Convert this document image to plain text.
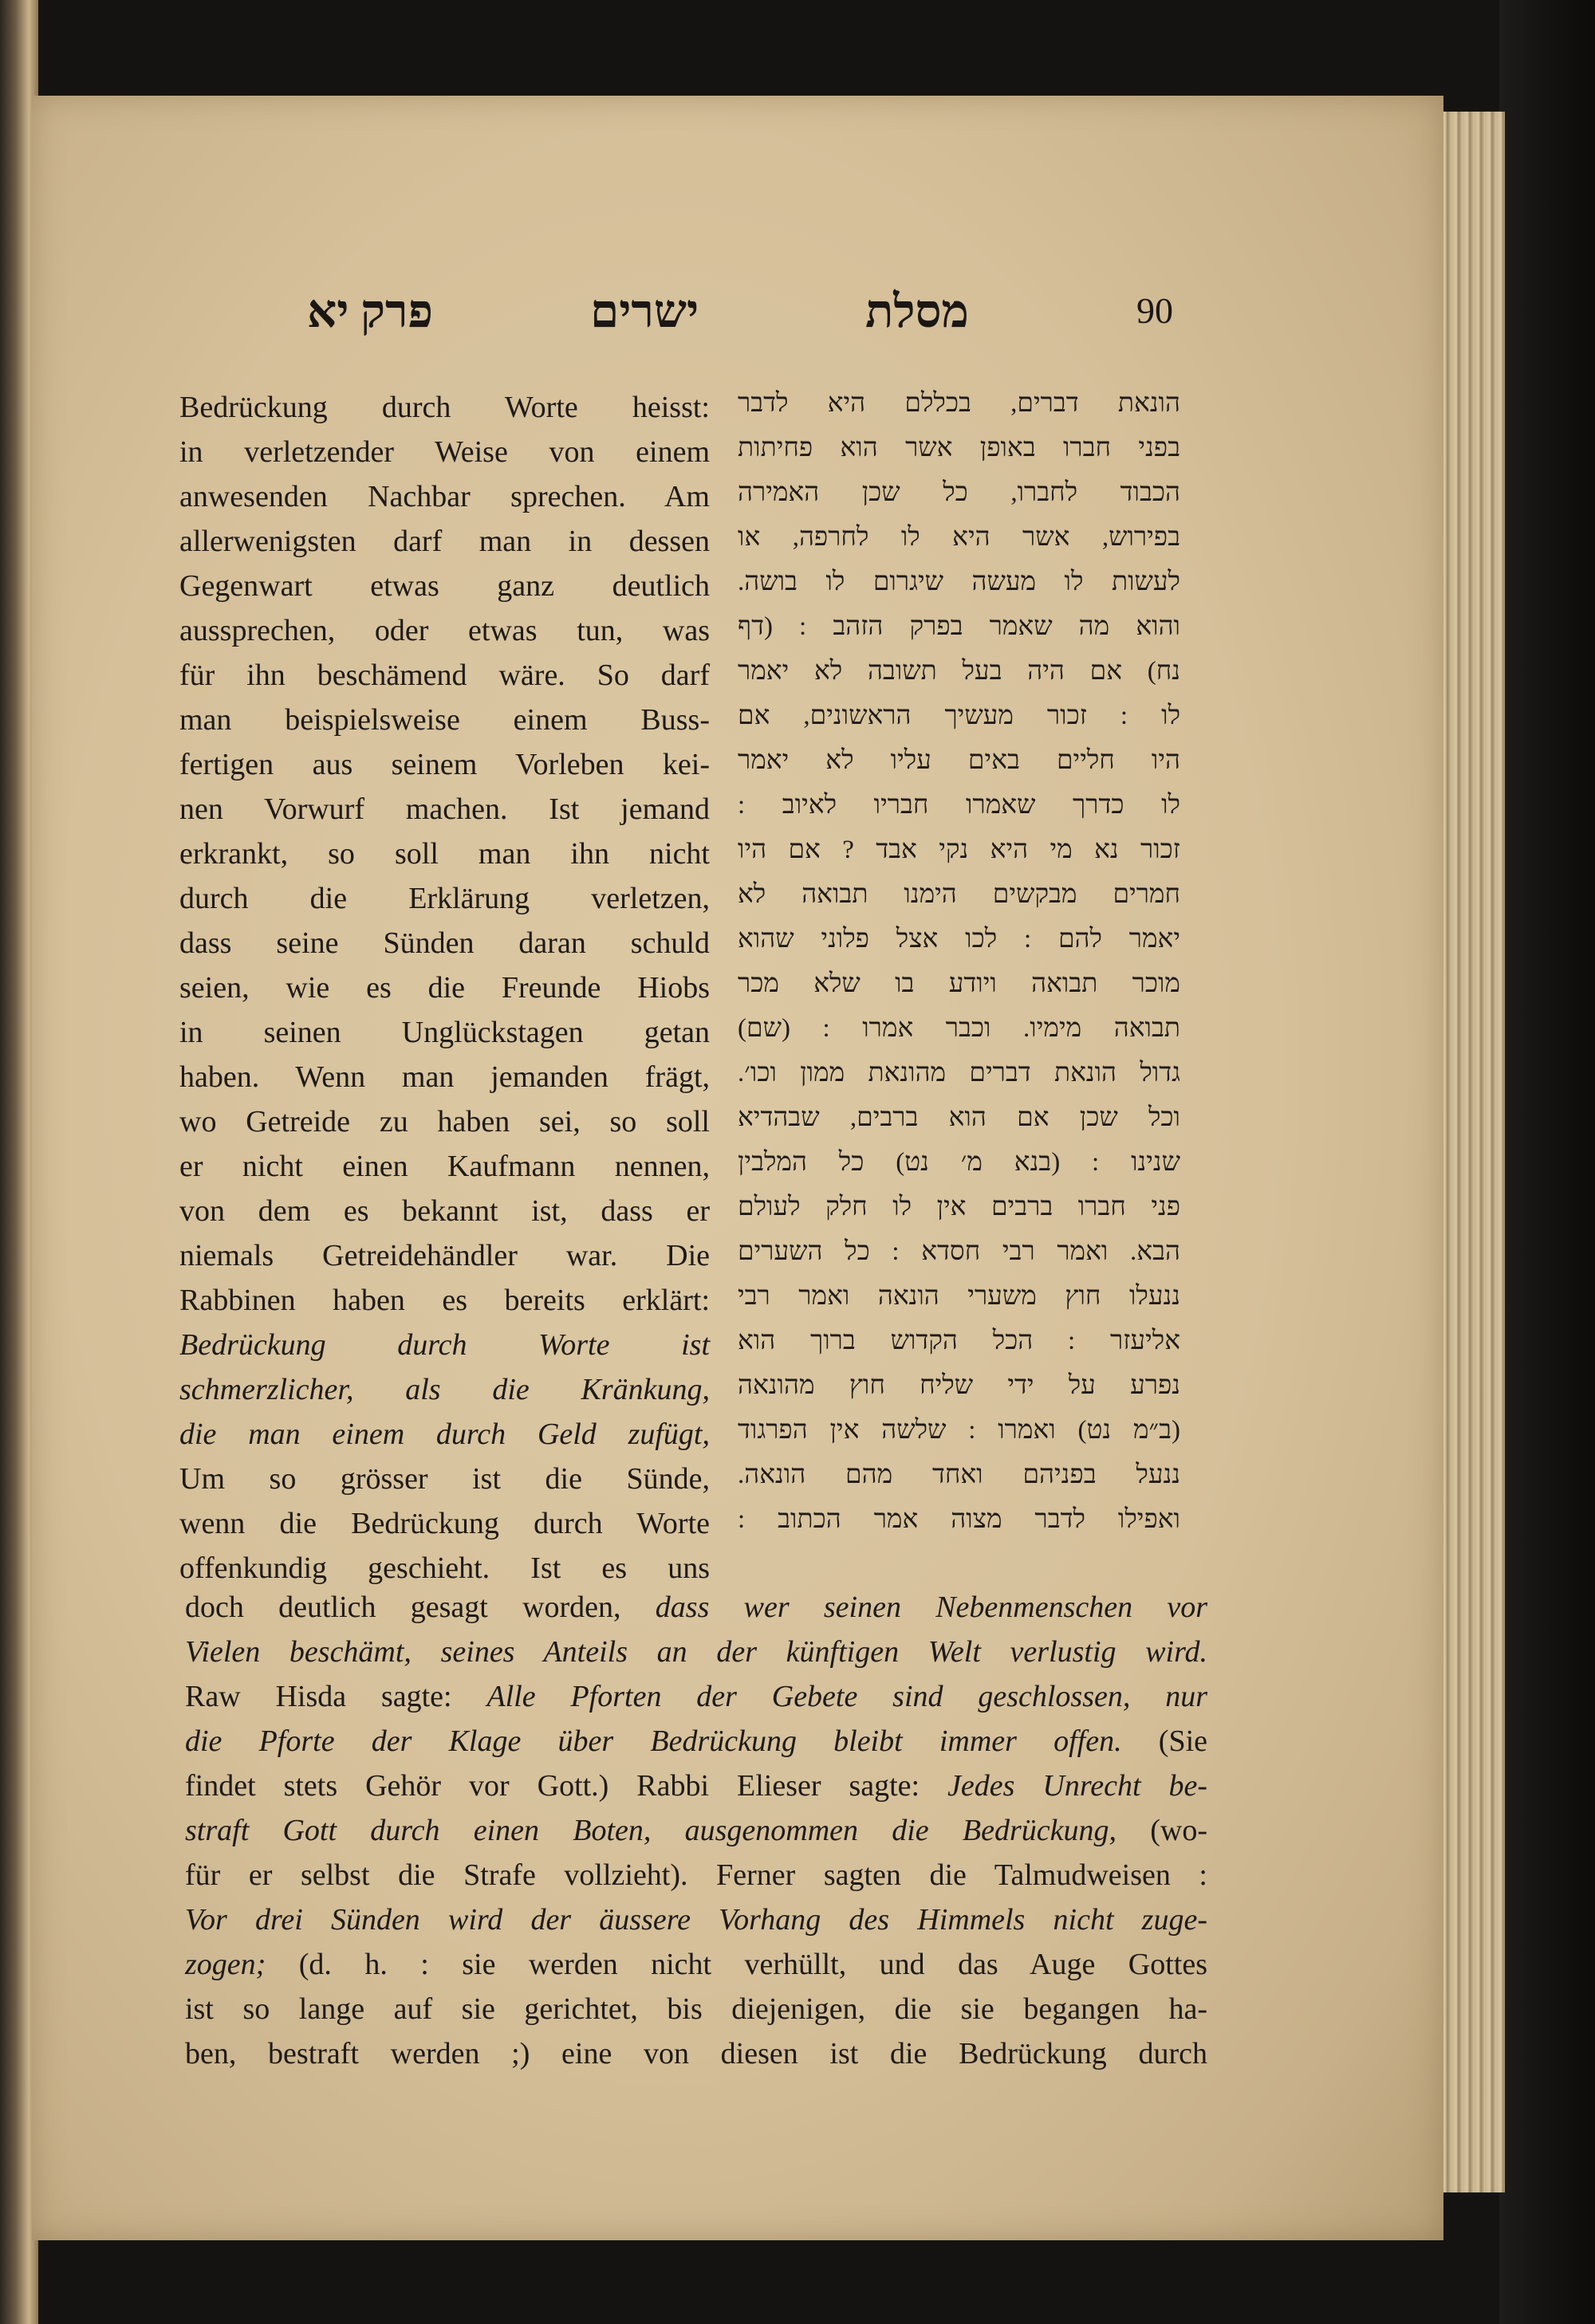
90
מסלת
ישרים
פרק יא
Bedrückung durch Worte heisst:
in verletzender Weise von einem
anwesenden Nachbar sprechen. Am
allerwenigsten darf man in dessen
Gegenwart etwas ganz deutlich
aussprechen, oder etwas tun, was
für ihn beschämend wäre. So darf
man beispielsweise einem Buss-
fertigen aus seinem Vorleben kei-
nen Vorwurf machen. Ist jemand
erkrankt, so soll man ihn nicht
durch die Erklärung verletzen,
dass seine Sünden daran schuld
seien, wie es die Freunde Hiobs
in seinen Unglückstagen getan
haben. Wenn man jemanden frägt,
wo Getreide zu haben sei, so soll
er nicht einen Kaufmann nennen,
von dem es bekannt ist, dass er
niemals Getreidehändler war. Die
Rabbinen haben es bereits erklärt:
Bedrückung durch Worte ist
schmerzlicher, als die Kränkung,
die man einem durch Geld zufügt,
Um so grösser ist die Sünde,
wenn die Bedrückung durch Worte
offenkundig geschieht. Ist es uns
הונאת דברים, בכללם היא לדבר
בפני חברו באופן אשר הוא פחיתות
הכבוד לחברו, כל שכן האמירה
בפירוש, אשר היא לו לחרפה, או
לעשות לו מעשה שיגרום לו בושה.
והוא מה שאמר בפרק הזהב : (דף
נח) אם היה בעל תשובה לא יאמר
לו : זכור מעשיך הראשונים, אם
היו חליים באים עליו לא יאמר
לו כדרך שאמרו חבריו לאיוב :
זכור נא מי היא נקי אבד ? אם היו
חמרים מבקשים הימנו תבואה לא
יאמר להם : לכו אצל פלוני שהוא
מוכר תבואה ויודע בו שלא מכר
תבואה מימיו. וכבר אמרו : (שם)
גדול הונאת דברים מהונאת ממון וכו׳.
וכל שכן אם הוא ברבים, שבהדיא
שנינו : (בנא מ׳ נט) כל המלבין
פני חברו ברבים אין לו חלק לעולם
הבא. ואמר רבי חסדא : כל השערים
ננעלו חוץ משערי הונאה ואמר רבי
אליעזר : הכל הקדוש ברוך הוא
נפרע על ידי שליח חוץ מהונאה
(ב״מ נט) ואמרו : שלשה אין הפרגוד
ננעל בפניהם ואחד מהם הונאה.
ואפילו לדבר מצוה אמר הכתוב :
doch deutlich gesagt worden, dass wer seinen Nebenmenschen vor
Vielen beschämt, seines Anteils an der künftigen Welt verlustig wird.
Raw Hisda sagte: Alle Pforten der Gebete sind geschlossen, nur
die Pforte der Klage über Bedrückung bleibt immer offen. (Sie
findet stets Gehör vor Gott.) Rabbi Elieser sagte: Jedes Unrecht be-
straft Gott durch einen Boten, ausgenommen die Bedrückung, (wo-
für er selbst die Strafe vollzieht). Ferner sagten die Talmudweisen :
Vor drei Sünden wird der äussere Vorhang des Himmels nicht zuge-
zogen; (d. h. : sie werden nicht verhüllt, und das Auge Gottes
ist so lange auf sie gerichtet, bis diejenigen, die sie begangen ha-
ben, bestraft werden ;) eine von diesen ist die Bedrückung durch
